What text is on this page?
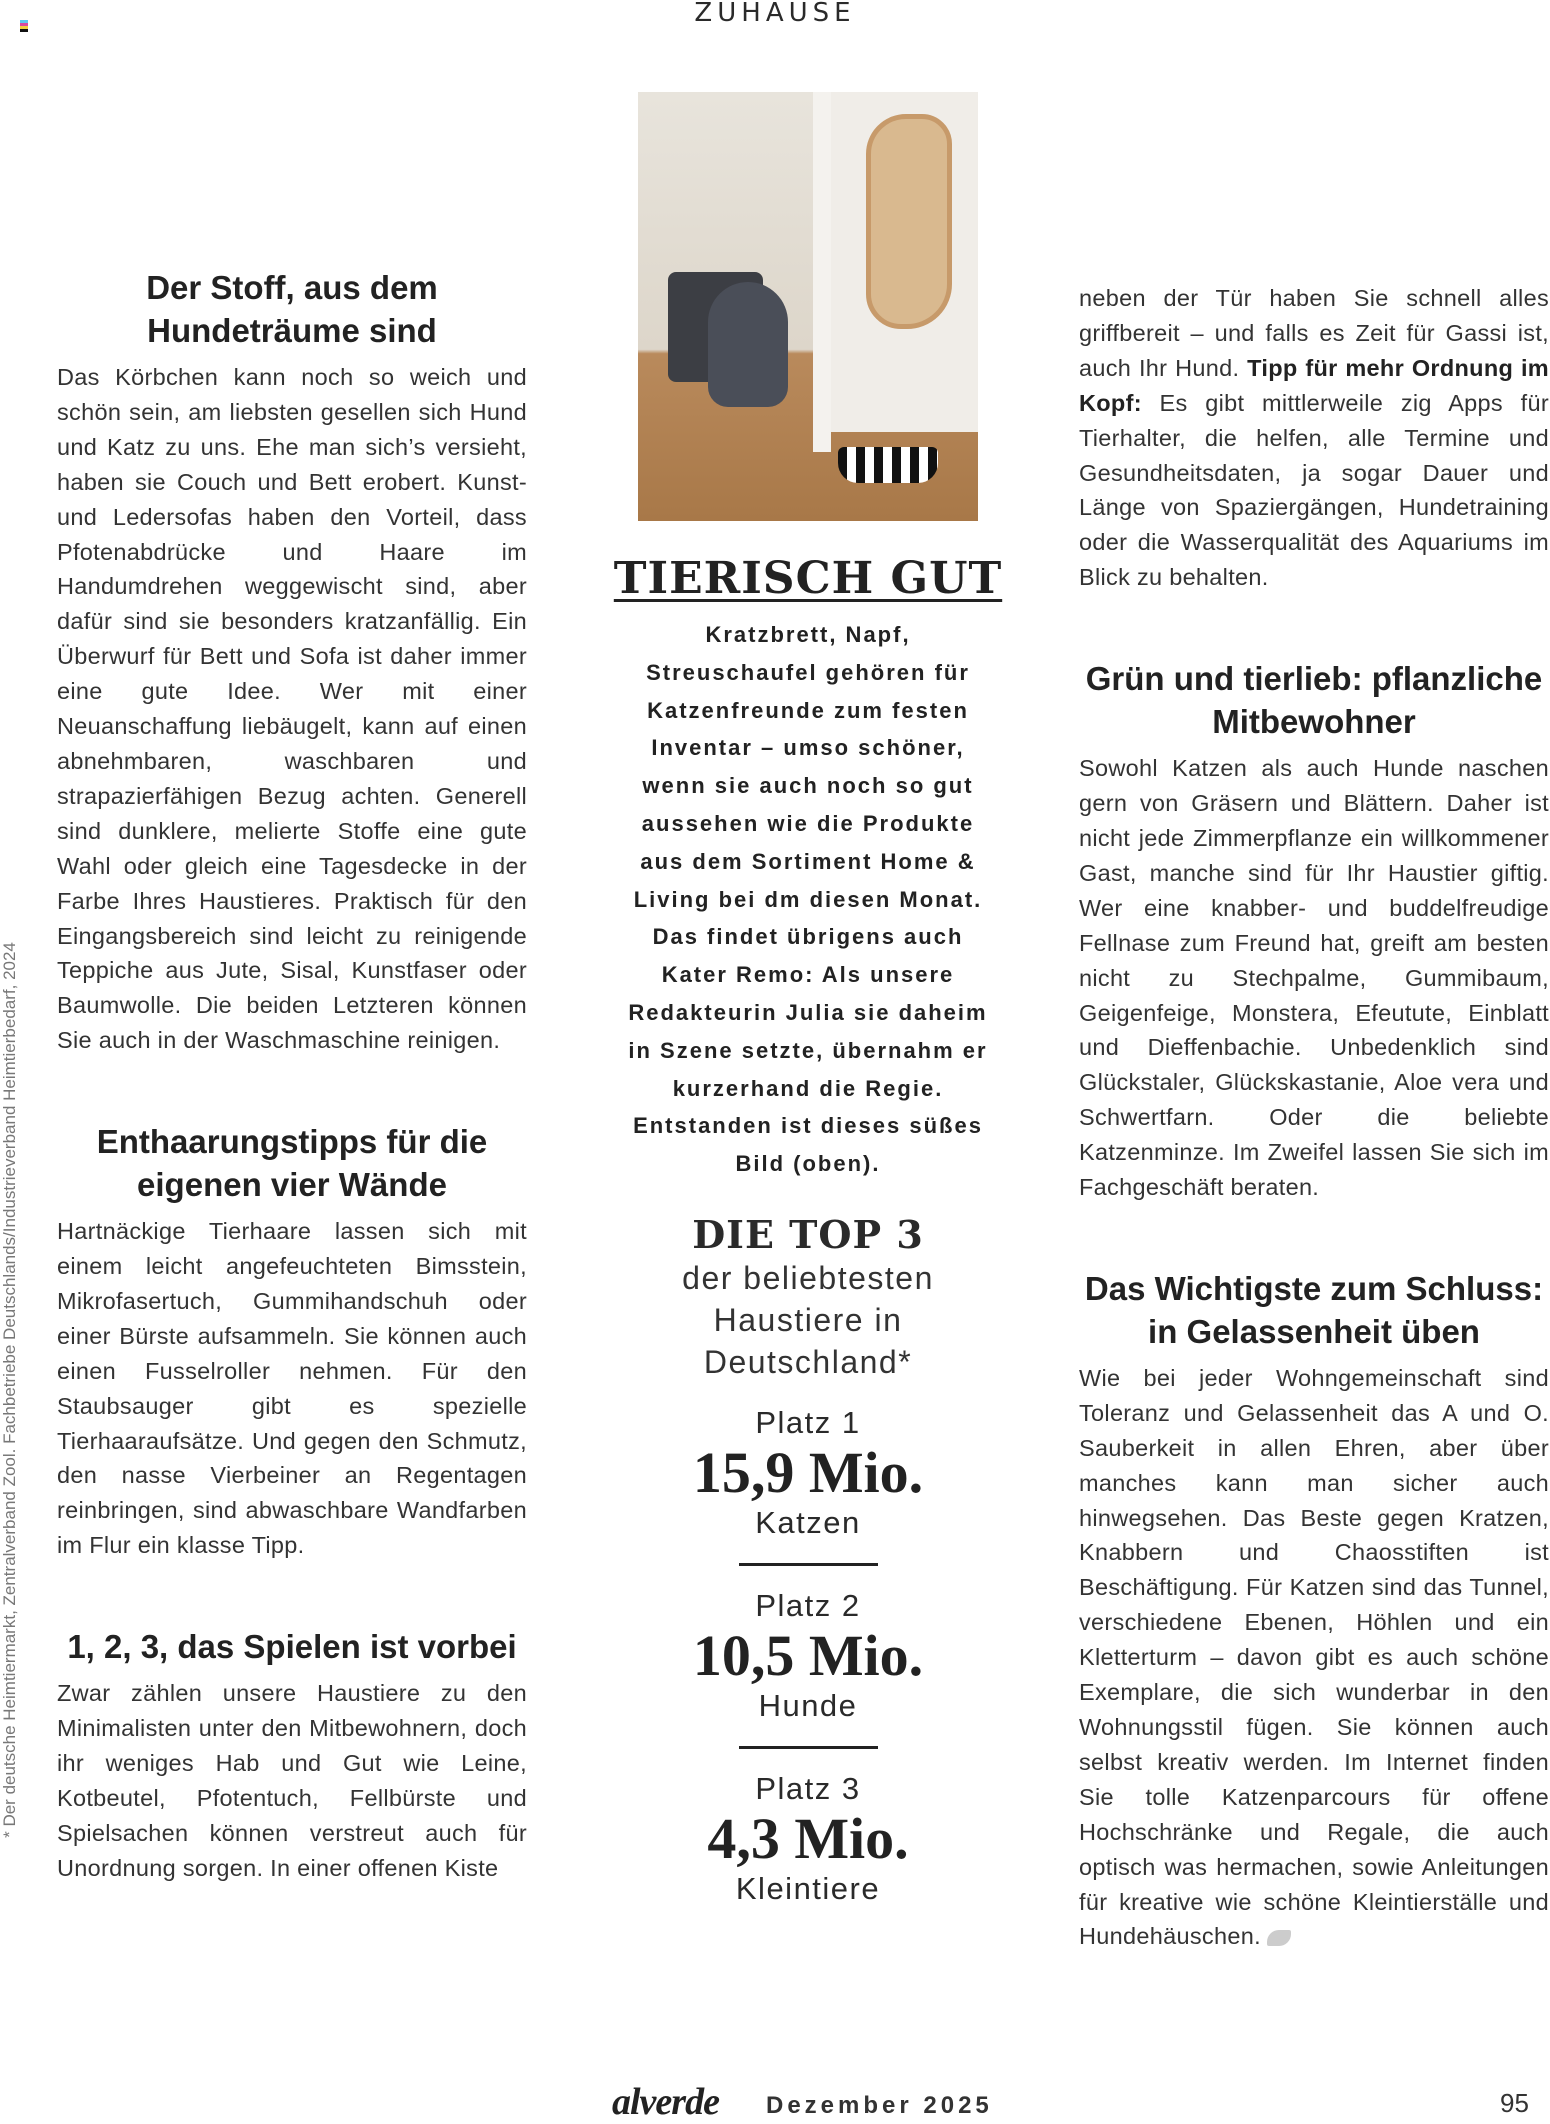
ZUHAUSE
* Der deutsche Heimtiermarkt, Zentralverband Zool. Fachbetriebe Deutschlands/Industrieverband Heimtierbedarf, 2024
Der Stoff, aus dem Hundeträume sind
Das Körbchen kann noch so weich und schön sein, am liebsten gesellen sich Hund und Katz zu uns. Ehe man sich’s versieht, haben sie Couch und Bett erobert. Kunst- und Ledersofas haben den Vorteil, dass Pfotenabdrücke und Haare im Handumdrehen weggewischt sind, aber dafür sind sie besonders kratzanfällig. Ein Überwurf für Bett und Sofa ist daher immer eine gute Idee. Wer mit einer Neuanschaffung liebäugelt, kann auf einen abnehmbaren, waschbaren und strapazierfähigen Bezug achten. Generell sind dunklere, melierte Stoffe eine gute Wahl oder gleich eine Tagesdecke in der Farbe Ihres Haustieres. Praktisch für den Eingangsbereich sind leicht zu reinigende Teppiche aus Jute, Sisal, Kunstfaser oder Baumwolle. Die beiden Letzteren können Sie auch in der Waschmaschine reinigen.
Enthaarungstipps für die eigenen vier Wände
Hartnäckige Tierhaare lassen sich mit einem leicht angefeuchteten Bimsstein, Mikrofasertuch, Gummihandschuh oder einer Bürste aufsammeln. Sie können auch einen Fusselroller nehmen. Für den Staubsauger gibt es spezielle Tierhaaraufsätze. Und gegen den Schmutz, den nasse Vierbeiner an Regentagen reinbringen, sind abwaschbare Wandfarben im Flur ein klasse Tipp.
1, 2, 3, das Spielen ist vorbei
Zwar zählen unsere Haustiere zu den Minimalisten unter den Mitbewohnern, doch ihr weniges Hab und Gut wie Leine, Kotbeutel, Pfotentuch, Fellbürste und Spielsachen können verstreut auch für Unordnung sorgen. In einer offenen Kiste
TIERISCH GUT
Kratzbrett, Napf, Streuschaufel gehören für Katzenfreunde zum festen Inventar – umso schöner, wenn sie auch noch so gut aussehen wie die Produkte aus dem Sortiment Home & Living bei dm diesen Monat. Das findet übrigens auch Kater Remo: Als unsere Redakteurin Julia sie daheim in Szene setzte, übernahm er kurzerhand die Regie. Entstanden ist dieses süßes Bild (oben).
DIE TOP 3
der beliebtesten Haustiere in Deutschland*
Platz 1
15,9 Mio.
Katzen
Platz 2
10,5 Mio.
Hunde
Platz 3
4,3 Mio.
Kleintiere
neben der Tür haben Sie schnell alles griffbereit – und falls es Zeit für Gassi ist, auch Ihr Hund. Tipp für mehr Ordnung im Kopf: Es gibt mittlerweile zig Apps für Tierhalter, die helfen, alle Termine und Gesundheitsdaten, ja sogar Dauer und Länge von Spaziergängen, Hundetraining oder die Wasserqualität des Aquariums im Blick zu behalten.
Grün und tierlieb: pflanzliche Mitbewohner
Sowohl Katzen als auch Hunde naschen gern von Gräsern und Blättern. Daher ist nicht jede Zimmerpflanze ein willkommener Gast, manche sind für Ihr Haustier giftig. Wer eine knabber- und buddelfreudige Fellnase zum Freund hat, greift am besten nicht zu Stechpalme, Gummibaum, Geigenfeige, Monstera, Efeutute, Einblatt und Dieffenbachie. Unbedenklich sind Glückstaler, Glückskastanie, Aloe vera und Schwertfarn. Oder die beliebte Katzenminze. Im Zweifel lassen Sie sich im Fachgeschäft beraten.
Das Wichtigste zum Schluss: in Gelassenheit üben
Wie bei jeder Wohngemeinschaft sind Toleranz und Gelassenheit das A und O. Sauberkeit in allen Ehren, aber über manches kann man sicher auch hinwegsehen. Das Beste gegen Kratzen, Knabbern und Chaosstiften ist Beschäftigung. Für Katzen sind das Tunnel, verschiedene Ebenen, Höhlen und ein Kletterturm – davon gibt es auch schöne Exemplare, die sich wunderbar in den Wohnungsstil fügen. Sie können auch selbst kreativ werden. Im Internet finden Sie tolle Katzenparcours für offene Hochschränke und Regale, die auch optisch was hermachen, sowie Anleitungen für kreative wie schöne Kleintierställe und Hundehäuschen.
alverde Dezember 2025	95
